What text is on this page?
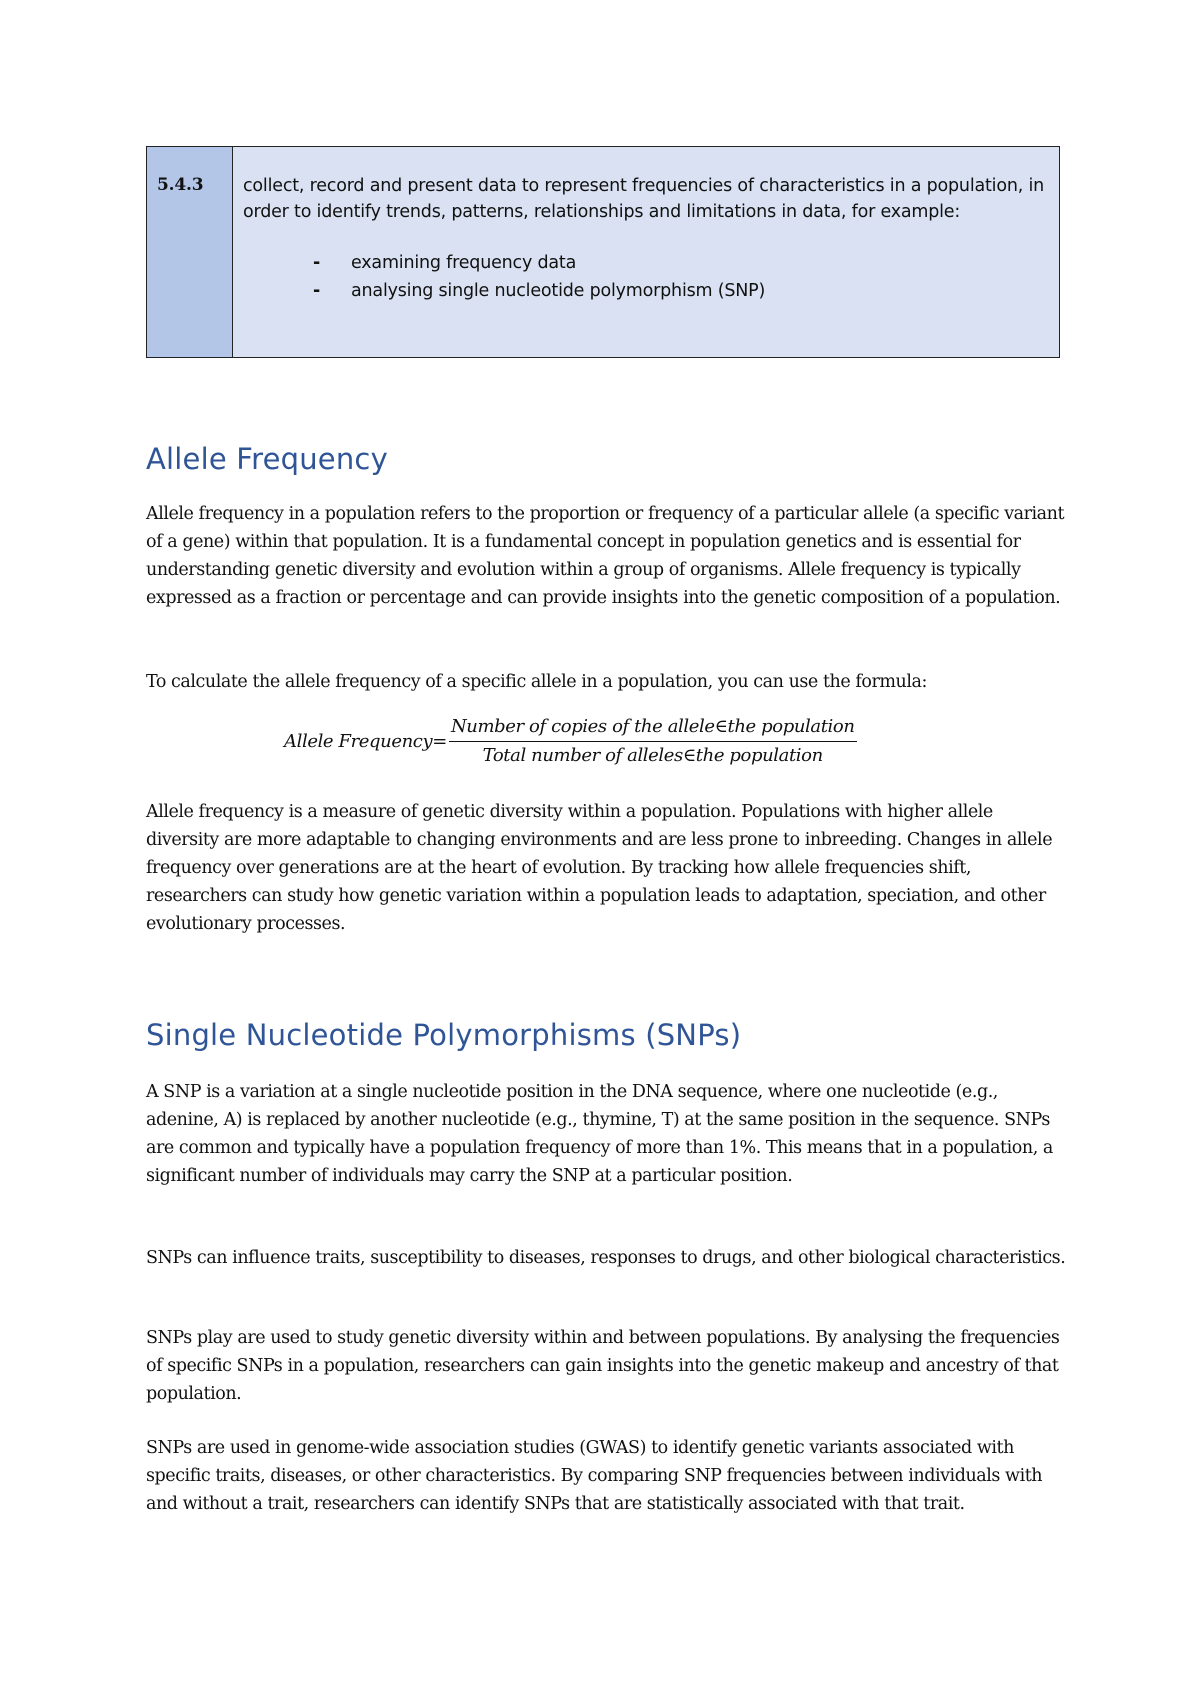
5.4.3	collect, record and present data to represent frequencies of characteristics in a population, in order to identify trends, patterns, relationships and limitations in data, for example:

- examining frequency data
- analysing single nucleotide polymorphism (SNP)
Allele Frequency

Allele frequency in a population refers to the proportion or frequency of a particular allele (a specific variant of a gene) within that population. It is a fundamental concept in population genetics and is essential for understanding genetic diversity and evolution within a group of organisms. Allele frequency is typically expressed as a fraction or percentage and can provide insights into the genetic composition of a population.

To calculate the allele frequency of a specific allele in a population, you can use the formula:

Allele Frequency= $\frac{\text{Number of copies of the allele∈the population}}{\text{Total number of alleles∈the population}}$

Allele frequency is a measure of genetic diversity within a population. Populations with higher allele diversity are more adaptable to changing environments and are less prone to inbreeding. Changes in allele frequency over generations are at the heart of evolution. By tracking how allele frequencies shift, researchers can study how genetic variation within a population leads to adaptation, speciation, and other evolutionary processes.

Single Nucleotide Polymorphisms (SNPs)

A SNP is a variation at a single nucleotide position in the DNA sequence, where one nucleotide (e.g., adenine, A) is replaced by another nucleotide (e.g., thymine, T) at the same position in the sequence. SNPs are common and typically have a population frequency of more than 1%. This means that in a population, a significant number of individuals may carry the SNP at a particular position.

SNPs can influence traits, susceptibility to diseases, responses to drugs, and other biological characteristics.

SNPs play are used to study genetic diversity within and between populations. By analysing the frequencies of specific SNPs in a population, researchers can gain insights into the genetic makeup and ancestry of that population.

SNPs are used in genome-wide association studies (GWAS) to identify genetic variants associated with specific traits, diseases, or other characteristics. By comparing SNP frequencies between individuals with and without a trait, researchers can identify SNPs that are statistically associated with that trait.
